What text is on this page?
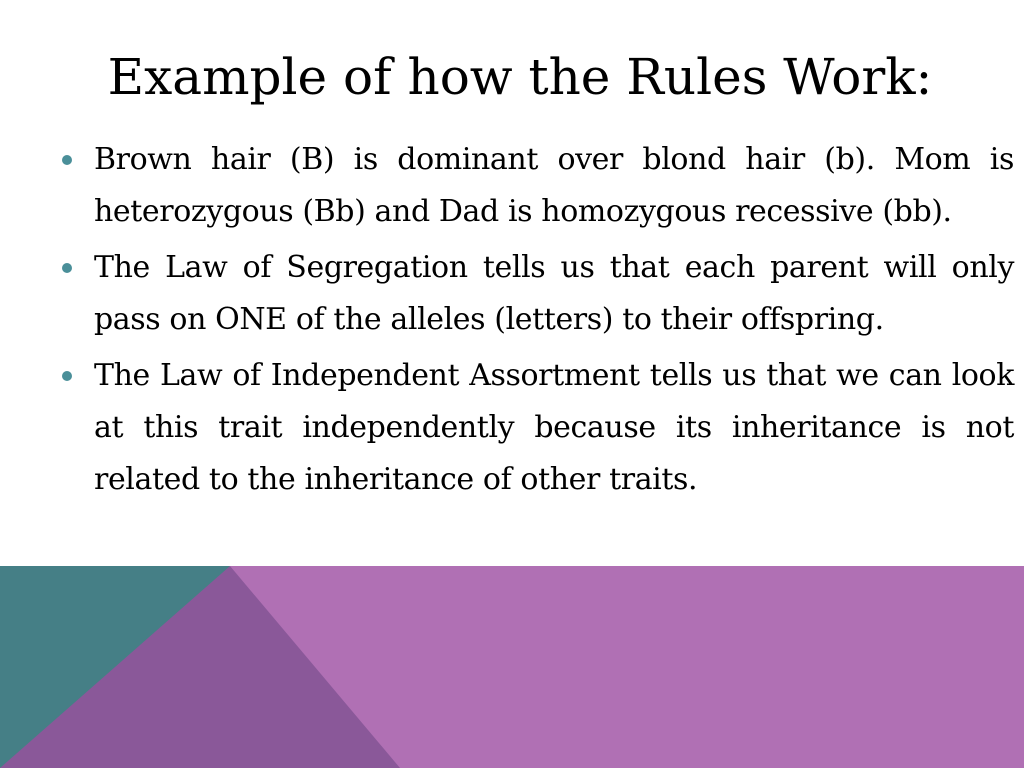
Example of how the Rules Work:
Brown hair (B) is dominant over blond hair (b). Mom is heterozygous (Bb) and Dad is homozygous recessive (bb).
The Law of Segregation tells us that each parent will only pass on ONE of the alleles (letters) to their offspring.
The Law of Independent Assortment tells us that we can look at this trait independently because its inheritance is not related to the inheritance of other traits.
